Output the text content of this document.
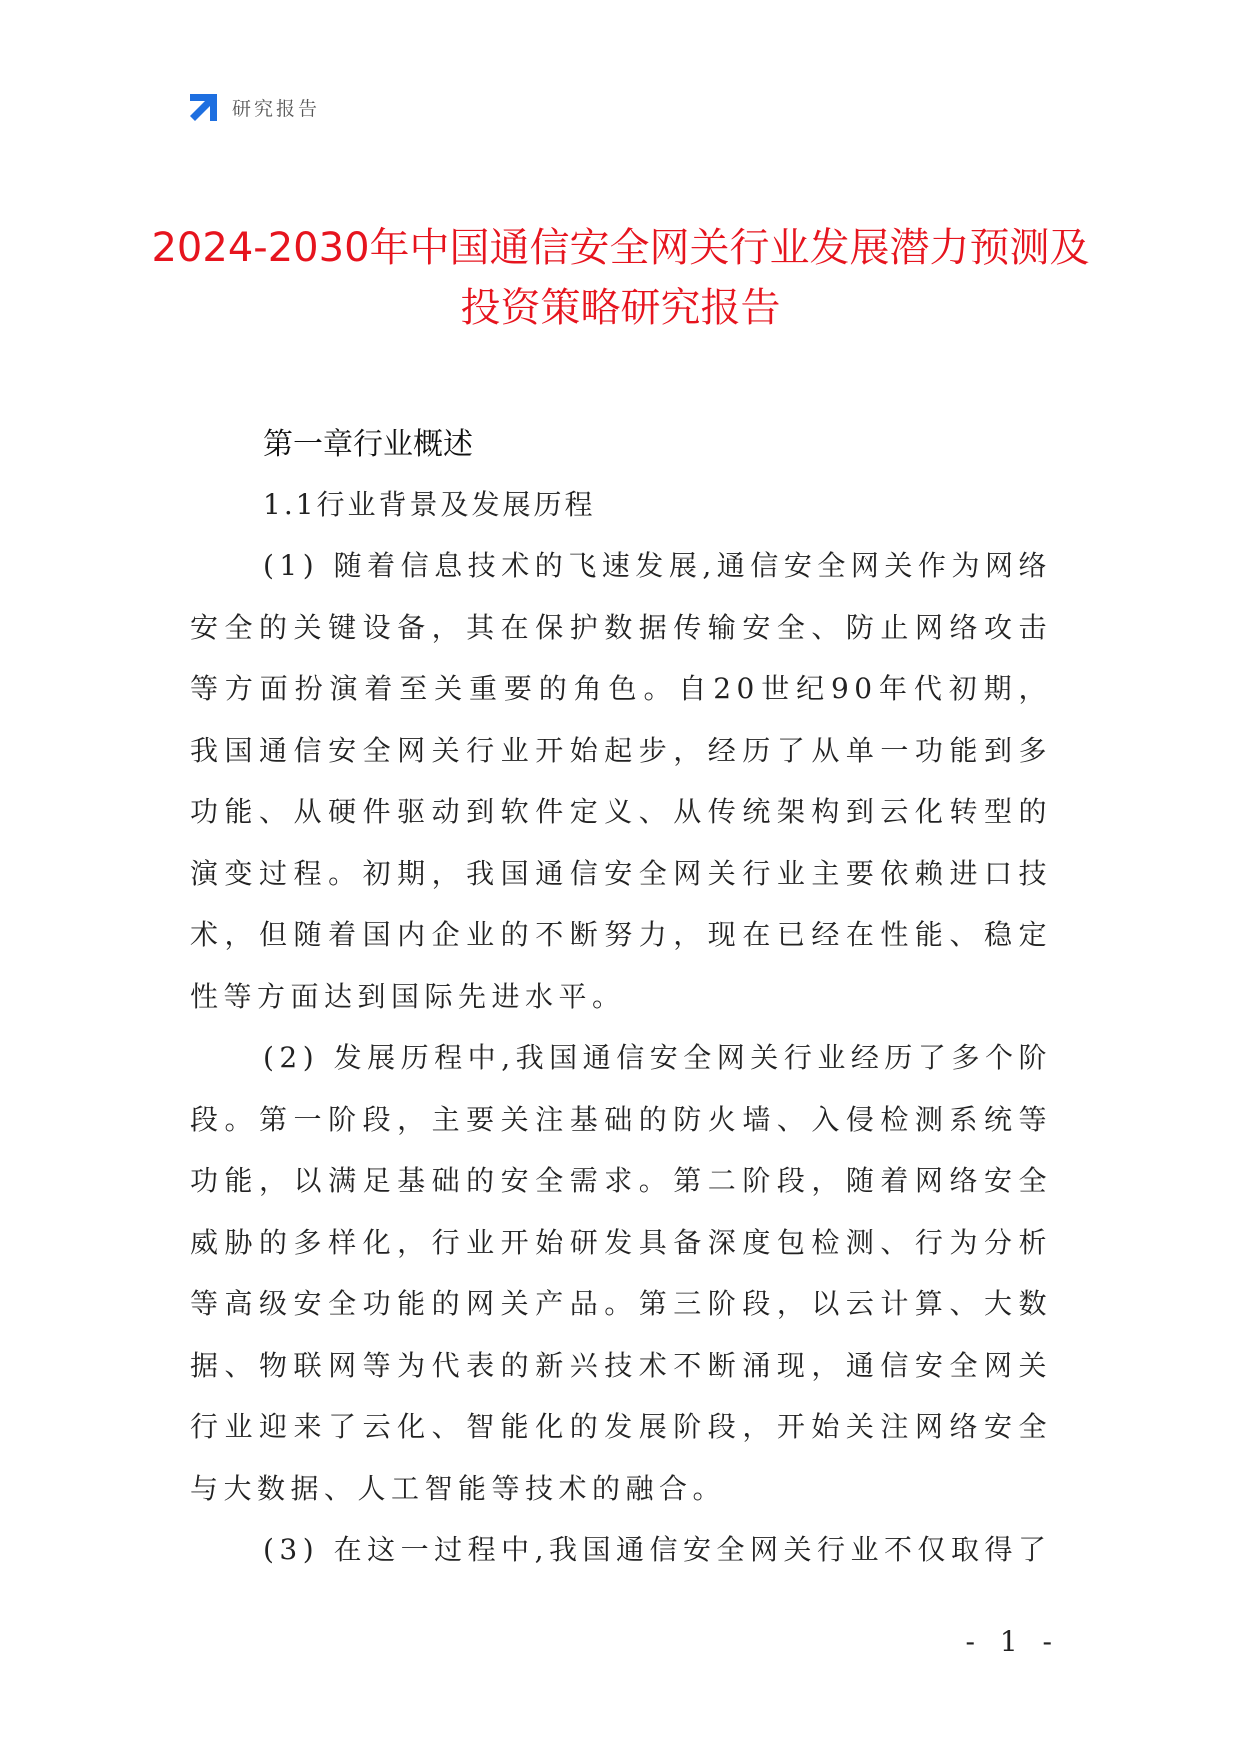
研究报告
2024-2030年中国通信安全网关行业发展潜力预测及投资策略研究报告
第一章行业概述
1.1行业背景及发展历程

(1) 随着信息技术的飞速发展,通信安全网关作为网络安全的关键设备，其在保护数据传输安全、防止网络攻击等方面扮演着至关重要的角色。自20世纪90年代初期，我国通信安全网关行业开始起步，经历了从单一功能到多功能、从硬件驱动到软件定义、从传统架构到云化转型的演变过程。初期，我国通信安全网关行业主要依赖进口技术，但随着国内企业的不断努力，现在已经在性能、稳定性等方面达到国际先进水平。

(2) 发展历程中,我国通信安全网关行业经历了多个阶段。第一阶段，主要关注基础的防火墙、入侵检测系统等功能，以满足基础的安全需求。第二阶段，随着网络安全威胁的多样化，行业开始研发具备深度包检测、行为分析等高级安全功能的网关产品。第三阶段，以云计算、大数据、物联网等为代表的新兴技术不断涌现，通信安全网关行业迎来了云化、智能化的发展阶段，开始关注网络安全与大数据、人工智能等技术的融合。

(3) 在这一过程中,我国通信安全网关行业不仅取得了

- 1 -
